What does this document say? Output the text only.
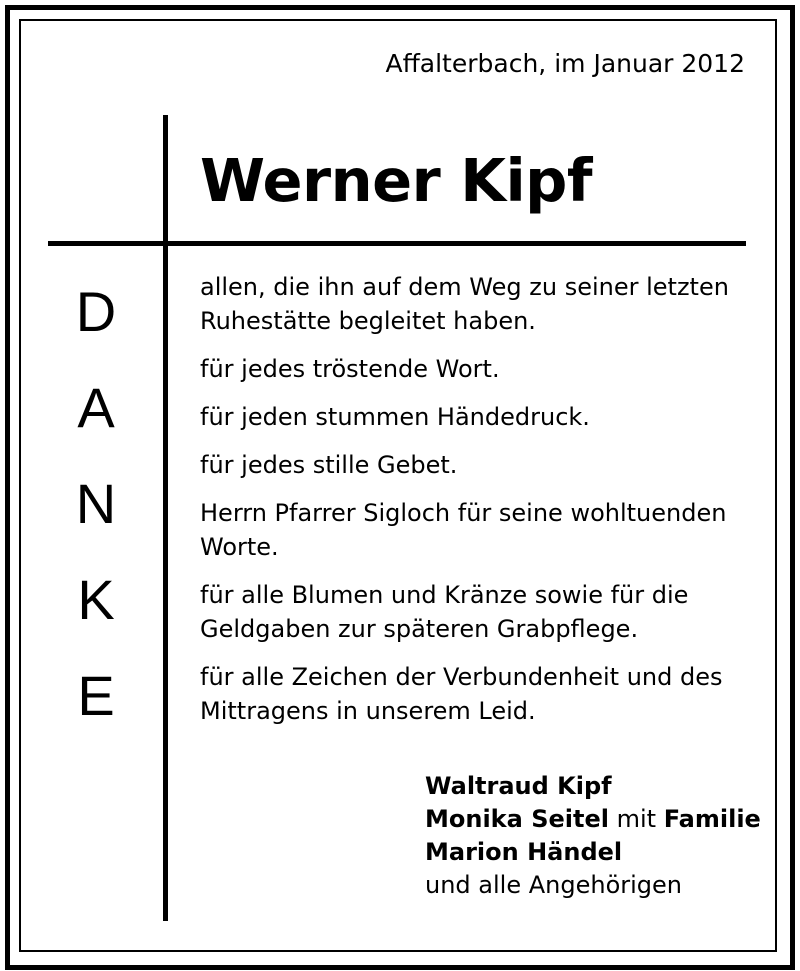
Affalterbach, im Januar 2012
Werner Kipf
D
A
N
K
E
allen, die ihn auf dem Weg zu seiner letzten Ruhestätte begleitet haben.
für jedes tröstende Wort.
für jeden stummen Händedruck.
für jedes stille Gebet.
Herrn Pfarrer Sigloch für seine wohltuenden Worte.
für alle Blumen und Kränze sowie für die Geldgaben zur späteren Grabpflege.
für alle Zeichen der Verbundenheit und des Mittragens in unserem Leid.
Waltraud Kipf
Monika Seitel mit Familie
Marion Händel
und alle Angehörigen
